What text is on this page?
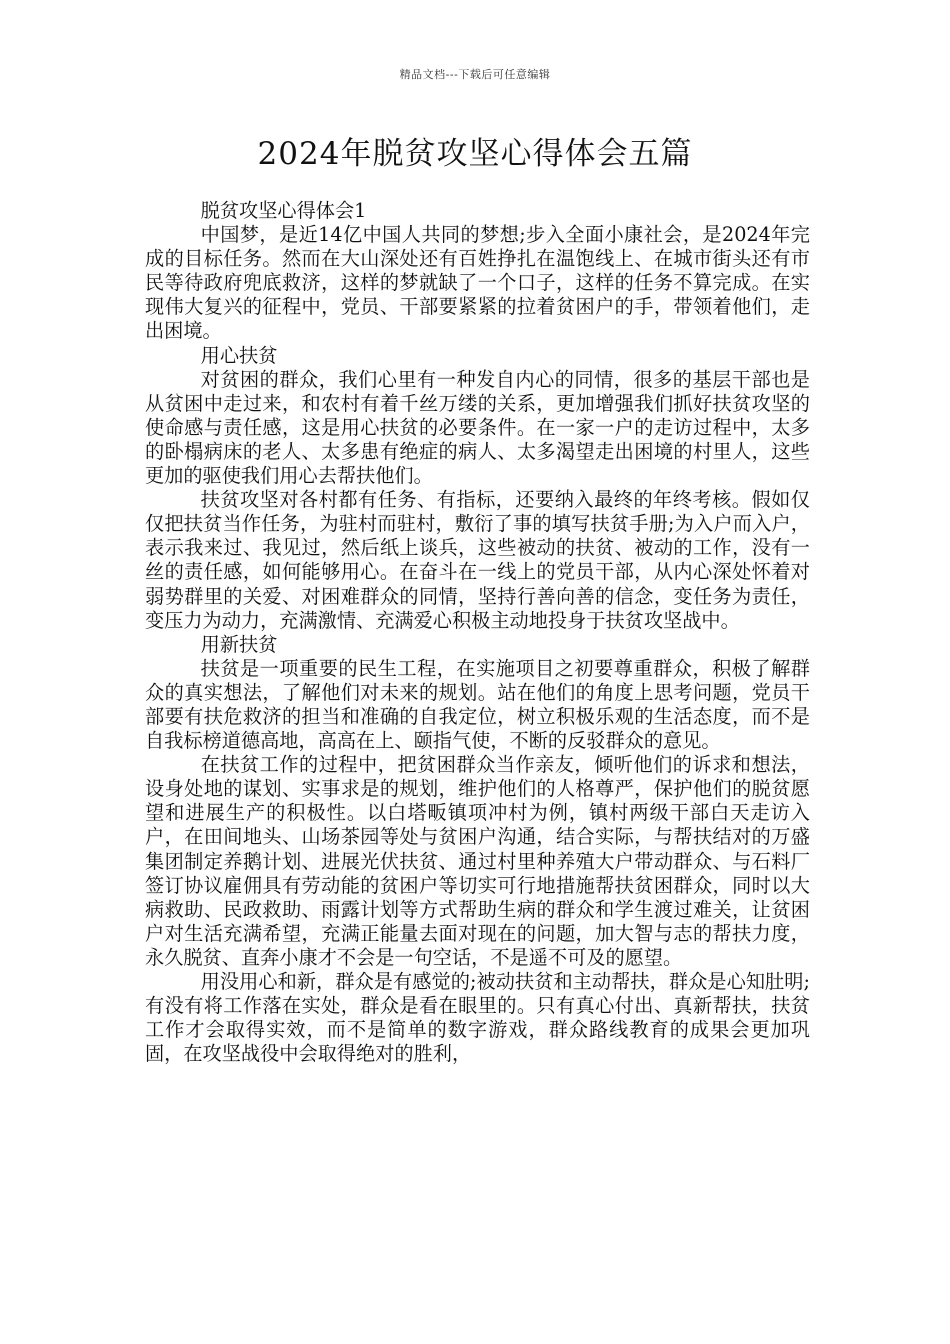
精品文档---下载后可任意编辑
2024年脱贫攻坚心得体会五篇

脱贫攻坚心得体会1

中国梦，是近14亿中国人共同的梦想;步入全面小康社会，是2024年完成的目标任务。然而在大山深处还有百姓挣扎在温饱线上、在城市街头还有市民等待政府兜底救济，这样的梦就缺了一个口子，这样的任务不算完成。在实现伟大复兴的征程中，党员、干部要紧紧的拉着贫困户的手，带领着他们，走出困境。

用心扶贫

对贫困的群众，我们心里有一种发自内心的同情，很多的基层干部也是从贫困中走过来，和农村有着千丝万缕的关系，更加增强我们抓好扶贫攻坚的使命感与责任感，这是用心扶贫的必要条件。在一家一户的走访过程中，太多的卧榻病床的老人、太多患有绝症的病人、太多渴望走出困境的村里人，这些更加的驱使我们用心去帮扶他们。

扶贫攻坚对各村都有任务、有指标，还要纳入最终的年终考核。假如仅仅把扶贫当作任务，为驻村而驻村，敷衍了事的填写扶贫手册;为入户而入户，表示我来过、我见过，然后纸上谈兵，这些被动的扶贫、被动的工作，没有一丝的责任感，如何能够用心。在奋斗在一线上的党员干部，从内心深处怀着对弱势群里的关爱、对困难群众的同情，坚持行善向善的信念，变任务为责任，变压力为动力，充满激情、充满爱心积极主动地投身于扶贫攻坚战中。

用新扶贫

扶贫是一项重要的民生工程，在实施项目之初要尊重群众，积极了解群众的真实想法，了解他们对未来的规划。站在他们的角度上思考问题，党员干部要有扶危救济的担当和准确的自我定位，树立积极乐观的生活态度，而不是自我标榜道德高地，高高在上、颐指气使，不断的反驳群众的意见。

在扶贫工作的过程中，把贫困群众当作亲友，倾听他们的诉求和想法，设身处地的谋划、实事求是的规划，维护他们的人格尊严，保护他们的脱贫愿望和进展生产的积极性。以白塔畈镇项冲村为例，镇村两级干部白天走访入户，在田间地头、山场茶园等处与贫困户沟通，结合实际，与帮扶结对的万盛集团制定养鹅计划、进展光伏扶贫、通过村里种养殖大户带动群众、与石料厂签订协议雇佣具有劳动能的贫困户等切实可行地措施帮扶贫困群众，同时以大病救助、民政救助、雨露计划等方式帮助生病的群众和学生渡过难关，让贫困户对生活充满希望，充满正能量去面对现在的问题，加大智与志的帮扶力度，永久脱贫、直奔小康才不会是一句空话，不是遥不可及的愿望。

用没用心和新，群众是有感觉的;被动扶贫和主动帮扶，群众是心知肚明;有没有将工作落在实处，群众是看在眼里的。只有真心付出、真新帮扶，扶贫工作才会取得实效，而不是简单的数字游戏，群众路线教育的成果会更加巩固，在攻坚战役中会取得绝对的胜利，
